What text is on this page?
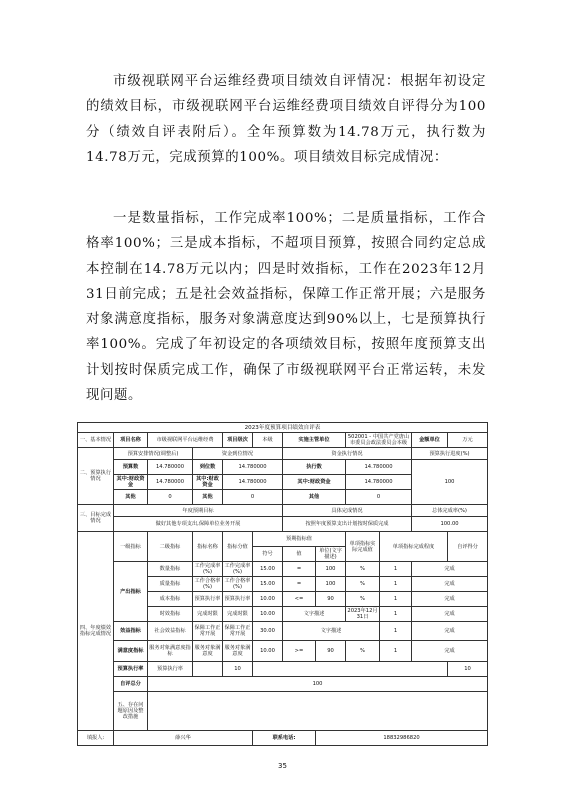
市级视联网平台运维经费项目绩效自评情况：根据年初设定的绩效目标，市级视联网平台运维经费项目绩效自评得分为100分（绩效自评表附后）。全年预算数为14.78万元，执行数为14.78万元，完成预算的100%。项目绩效目标完成情况：

一是数量指标，工作完成率100%；二是质量指标，工作合格率100%；三是成本指标，不超项目预算，按照合同约定总成本控制在14.78万元以内；四是时效指标，工作在2023年12月31日前完成；五是社会效益指标，保障工作正常开展；六是服务对象满意度指标，服务对象满意度达到90%以上，七是预算执行率100%。完成了年初设定的各项绩效目标，按照年度预算支出计划按时保质完成工作，确保了市级视联网平台正常运转，未发现问题。

2023年度预算项目绩效自评表												
一、基本情况	项目名称	市级视联网平台运维经费		项目级次	本级	实施主管单位		502001 - 中国共产党唐山市委员会政法委员会本级		金额单位	万元	
二、预算执行情况	预算安排情况(调整后)		资金到位情况			资金执行情况				预算执行进度(%)		
	预算数	14.780000	到位数	14.780000		执行数		14.780000		100		
	其中:财政资金	14.780000	其中:财政资金	14.780000		其中:财政资金		14.780000				
	其他	0	其他	0		其他		0				
三、目标完成情况	年度预期目标					具体完成情况				总体完成率(%)		
	做好其他专项支出,保障单位业务开展					按照年度预算支出计划按时保质完成				100.00		
四、年度绩效指标完成情况	一级指标	二级指标	指标名称	指标分值	预期指标值			单项指标实际完成值	单项指标完成程度		自评得分	
					符号	值	单位(文字描述)					
	产出指标	数量指标	工作完成率(%)	工作完成率(%)	15.00	=	100	%	1	完成	
		质量指标	工作合格率(%)	工作合格率(%)	15.00	=	100	%	1	完成	
		成本指标	预算执行率	预算执行率	10.00	<=	90	%	1	完成	
		时效指标	完成时限	完成时限	10.00	文字描述		2023年12月31日	1	完成	
	效益指标	社会效益指标	保障工作正常开展	保障工作正常开展	30.00	文字描述			1	完成	
	满意度指标	服务对象满意度指标	服务对象满意度	服务对象满意度	10.00	>=	90	%	1	完成	
	预算执行率	预算执行率		10							10	
	自评总分	100										
	五、存在问题原因及整改措施											
填报人:	薛兴华				联系电话:		18832986820					
35
